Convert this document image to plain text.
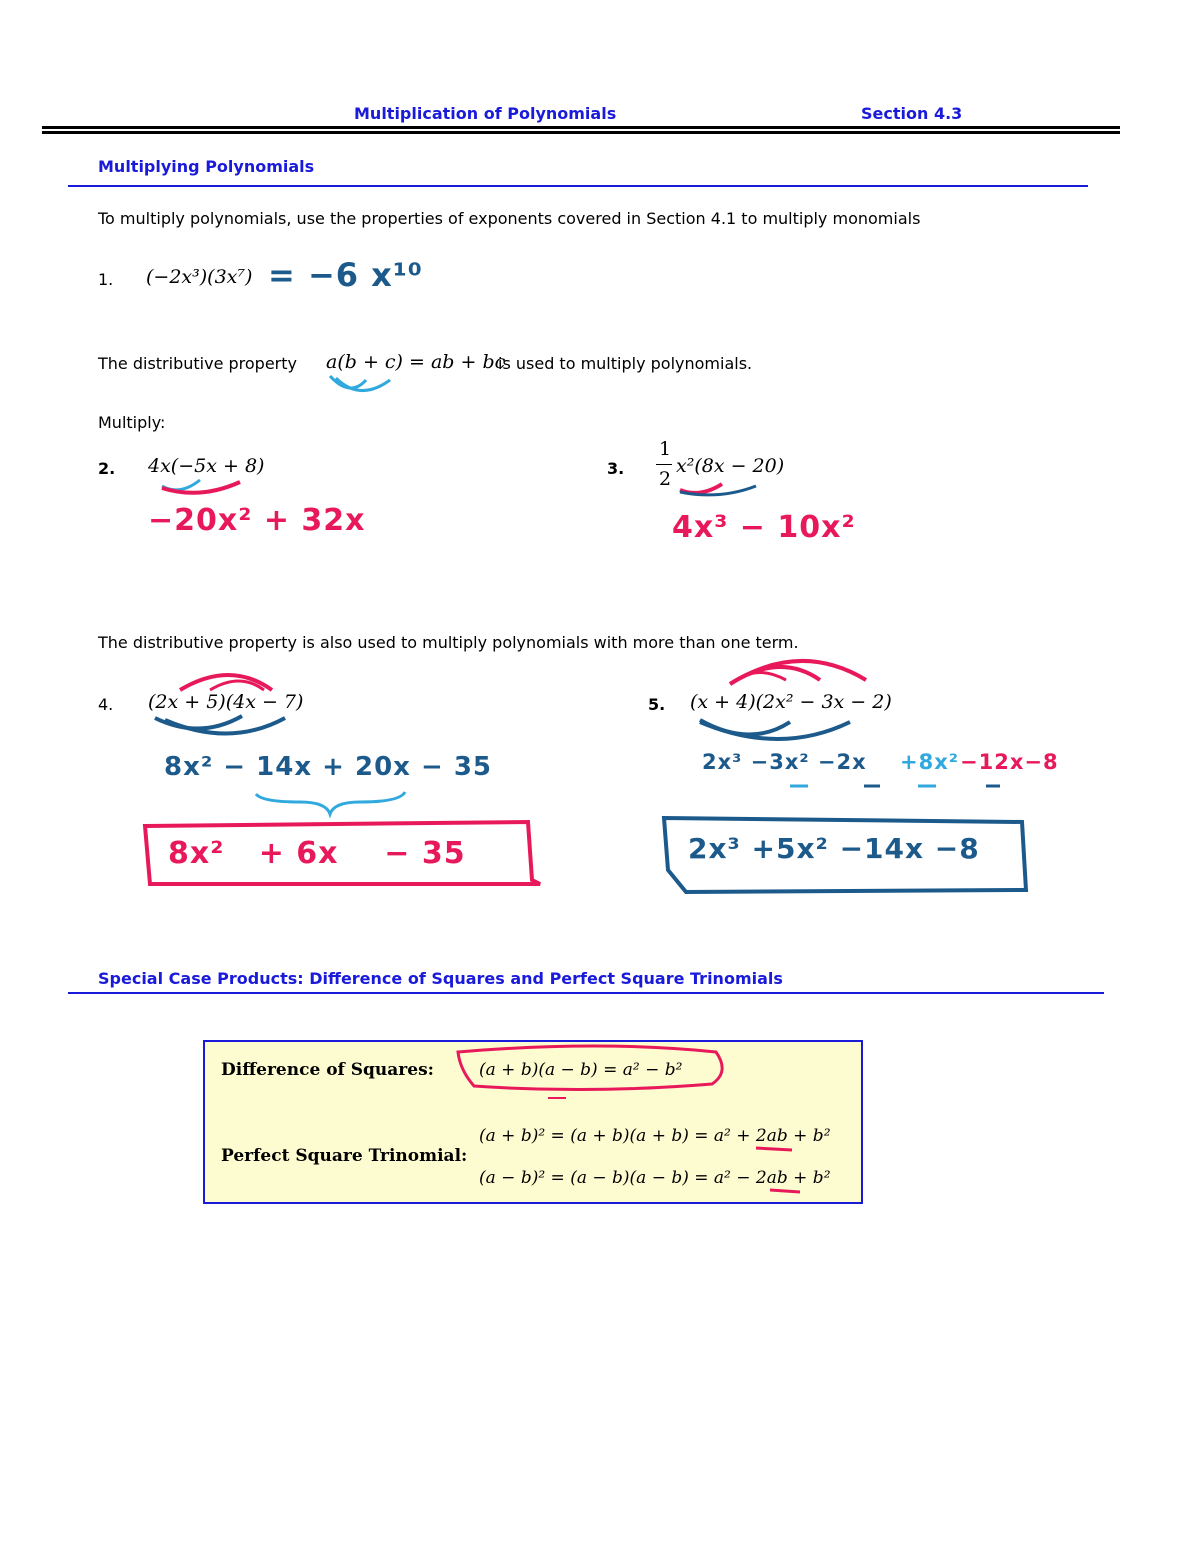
Multiplication of Polynomials	Section 4.3
Multiplying Polynomials
To multiply polynomials, use the properties of exponents covered in Section 4.1 to multiply monomials
1. (−2x³)(3x⁷) = −6 x¹⁰
The distributive property a(b + c) = ab + bc
is used to multiply polynomials.
Multiply:
2. 4x(−5x + 8)
−20x² + 32x
3.
1
2
x²(8x − 20)
4x³ − 10x²
The distributive property is also used to multiply polynomials with more than one term.
4. (2x + 5)(4x − 7)
8x² − 14x + 20x − 35
8x²   + 6x    − 35
5. (x + 4)(2x² − 3x − 2)
2x³ −3x² −2x +8x² −12x−8
2x³ +5x² −14x −8
Special Case Products: Difference of Squares and Perfect Square Trinomials
Difference of Squares:	(a + b)(a − b) = a² − b²
Perfect Square Trinomial:
(a + b)² = (a + b)(a + b) = a² + 2ab + b²
(a − b)² = (a − b)(a − b) = a² − 2ab + b²
